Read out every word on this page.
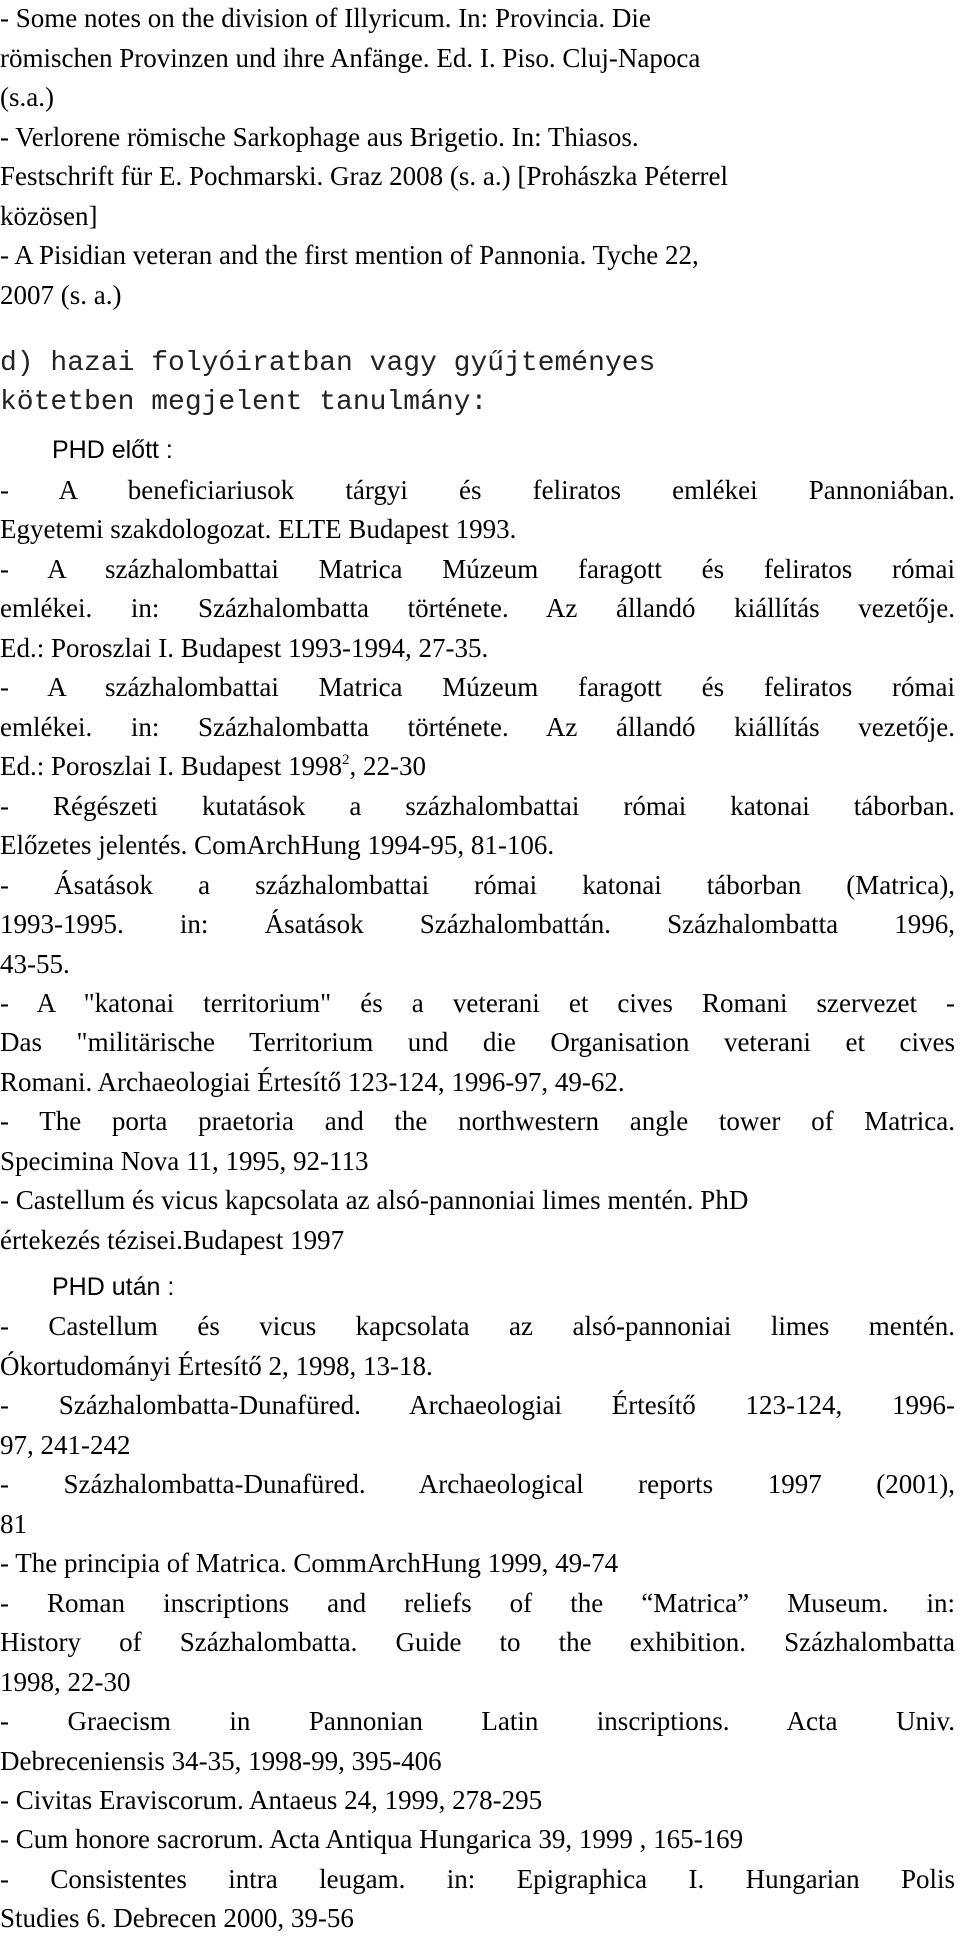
- Some notes on the division of Illyricum. In: Provincia. Die
römischen Provinzen und ihre Anfänge. Ed. I. Piso. Cluj-Napoca
(s.a.)
- Verlorene römische Sarkophage aus Brigetio. In: Thiasos.
Festschrift für E. Pochmarski. Graz 2008 (s. a.) [Prohászka Péterrel
közösen]
- A Pisidian veteran and the first mention of Pannonia. Tyche 22,
2007 (s. a.)
d) hazai folyóiratban vagy gyűjteményes
kötetben megjelent tanulmány:
PHD előtt :
- A beneficiariusok tárgyi és feliratos emlékei Pannoniában.
Egyetemi szakdologozat. ELTE Budapest 1993.
- A százhalombattai Matrica Múzeum faragott és feliratos római
emlékei. in: Százhalombatta története. Az állandó kiállítás vezetője.
Ed.: Poroszlai I. Budapest 1993-1994, 27-35.
- A százhalombattai Matrica Múzeum faragott és feliratos római
emlékei. in: Százhalombatta története. Az állandó kiállítás vezetője.
Ed.: Poroszlai I. Budapest 1998$^2$, 22-30
- Régészeti kutatások a százhalombattai római katonai táborban.
Előzetes jelentés. ComArchHung 1994-95, 81-106.
- Ásatások a százhalombattai római katonai táborban (Matrica),
1993-1995. in: Ásatások Százhalombattán. Százhalombatta 1996,
43-55.
- A "katonai territorium" és a veterani et cives Romani szervezet -
Das "militärische Territorium und die Organisation veterani et cives
Romani. Archaeologiai Értesítő 123-124, 1996-97, 49-62.
- The porta praetoria and the northwestern angle tower of Matrica.
Specimina Nova 11, 1995, 92-113
- Castellum és vicus kapcsolata az alsó-pannoniai limes mentén. PhD
értekezés tézisei.Budapest 1997
PHD után :
- Castellum és vicus kapcsolata az alsó-pannoniai limes mentén.
Ókortudományi Értesítő 2, 1998, 13-18.
- Százhalombatta-Dunafüred. Archaeologiai Értesítő 123-124, 1996-
97, 241-242
- Százhalombatta-Dunafüred. Archaeological reports 1997 (2001),
81
- The principia of Matrica. CommArchHung 1999, 49-74
- Roman inscriptions and reliefs of the “Matrica” Museum. in:
History of Százhalombatta. Guide to the exhibition. Százhalombatta
1998, 22-30
- Graecism in Pannonian Latin inscriptions. Acta Univ.
Debreceniensis 34-35, 1998-99, 395-406
- Civitas Eraviscorum. Antaeus 24, 1999, 278-295
- Cum honore sacrorum. Acta Antiqua Hungarica 39, 1999 , 165-169
- Consistentes intra leugam. in: Epigraphica I. Hungarian Polis
Studies 6. Debrecen 2000, 39-56
